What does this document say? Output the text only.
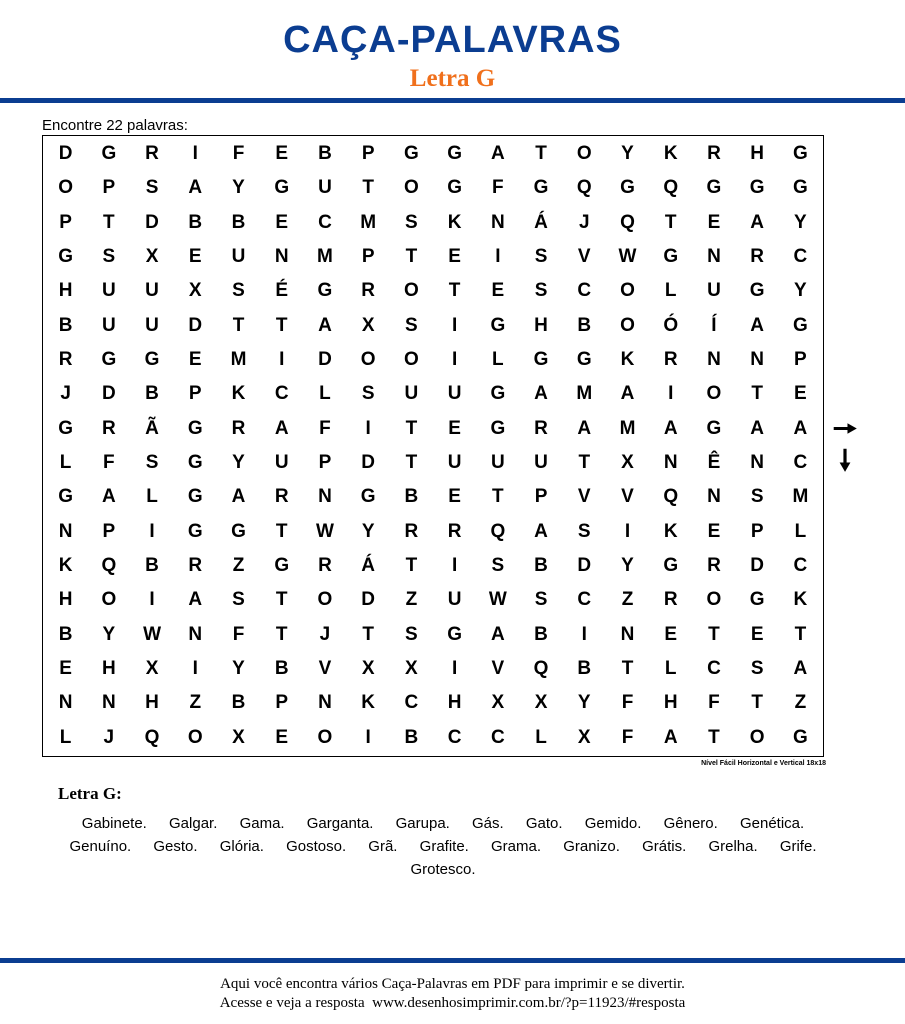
CAÇA-PALAVRAS
Letra G
Encontre 22 palavras:
D	G	R	I	F	E	B	P	G	G	A	T	O	Y	K	R	H	G
O	P	S	A	Y	G	U	T	O	G	F	G	Q	G	Q	G	G	G
P	T	D	B	B	E	C	M	S	K	N	Á	J	Q	T	E	A	Y
G	S	X	E	U	N	M	P	T	E	I	S	V	W	G	N	R	C
H	U	U	X	S	É	G	R	O	T	E	S	C	O	L	U	G	Y
B	U	U	D	T	T	A	X	S	I	G	H	B	O	Ó	Í	A	G
R	G	G	E	M	I	D	O	O	I	L	G	G	K	R	N	N	P
J	D	B	P	K	C	L	S	U	U	G	A	M	A	I	O	T	E
G	R	Ã	G	R	A	F	I	T	E	G	R	A	M	A	G	A	A
L	F	S	G	Y	U	P	D	T	U	U	U	T	X	N	Ê	N	C
G	A	L	G	A	R	N	G	B	E	T	P	V	V	Q	N	S	M
N	P	I	G	G	T	W	Y	R	R	Q	A	S	I	K	E	P	L
K	Q	B	R	Z	G	R	Á	T	I	S	B	D	Y	G	R	D	C
H	O	I	A	S	T	O	D	Z	U	W	S	C	Z	R	O	G	K
B	Y	W	N	F	T	J	T	S	G	A	B	I	N	E	T	E	T
E	H	X	I	Y	B	V	X	X	I	V	Q	B	T	L	C	S	A
N	N	H	Z	B	P	N	K	C	H	X	X	Y	F	H	F	T	Z
L	J	Q	O	X	E	O	I	B	C	C	L	X	F	A	T	O	G
Nível Fácil Horizontal e Vertical 18x18
🠖
🠗
Letra G:
Gabinete. Galgar. Gama. Garganta. Garupa. Gás. Gato. Gemido. Gênero. Genética. Genuíno. Gesto. Glória. Gostoso. Grã. Grafite. Grama. Granizo. Grátis. Grelha. Grife. Grotesco.
Aqui você encontra vários Caça-Palavras em PDF para imprimir e se divertir.
Acesse e veja a resposta  www.desenhosimprimir.com.br/?p=11923/#resposta
